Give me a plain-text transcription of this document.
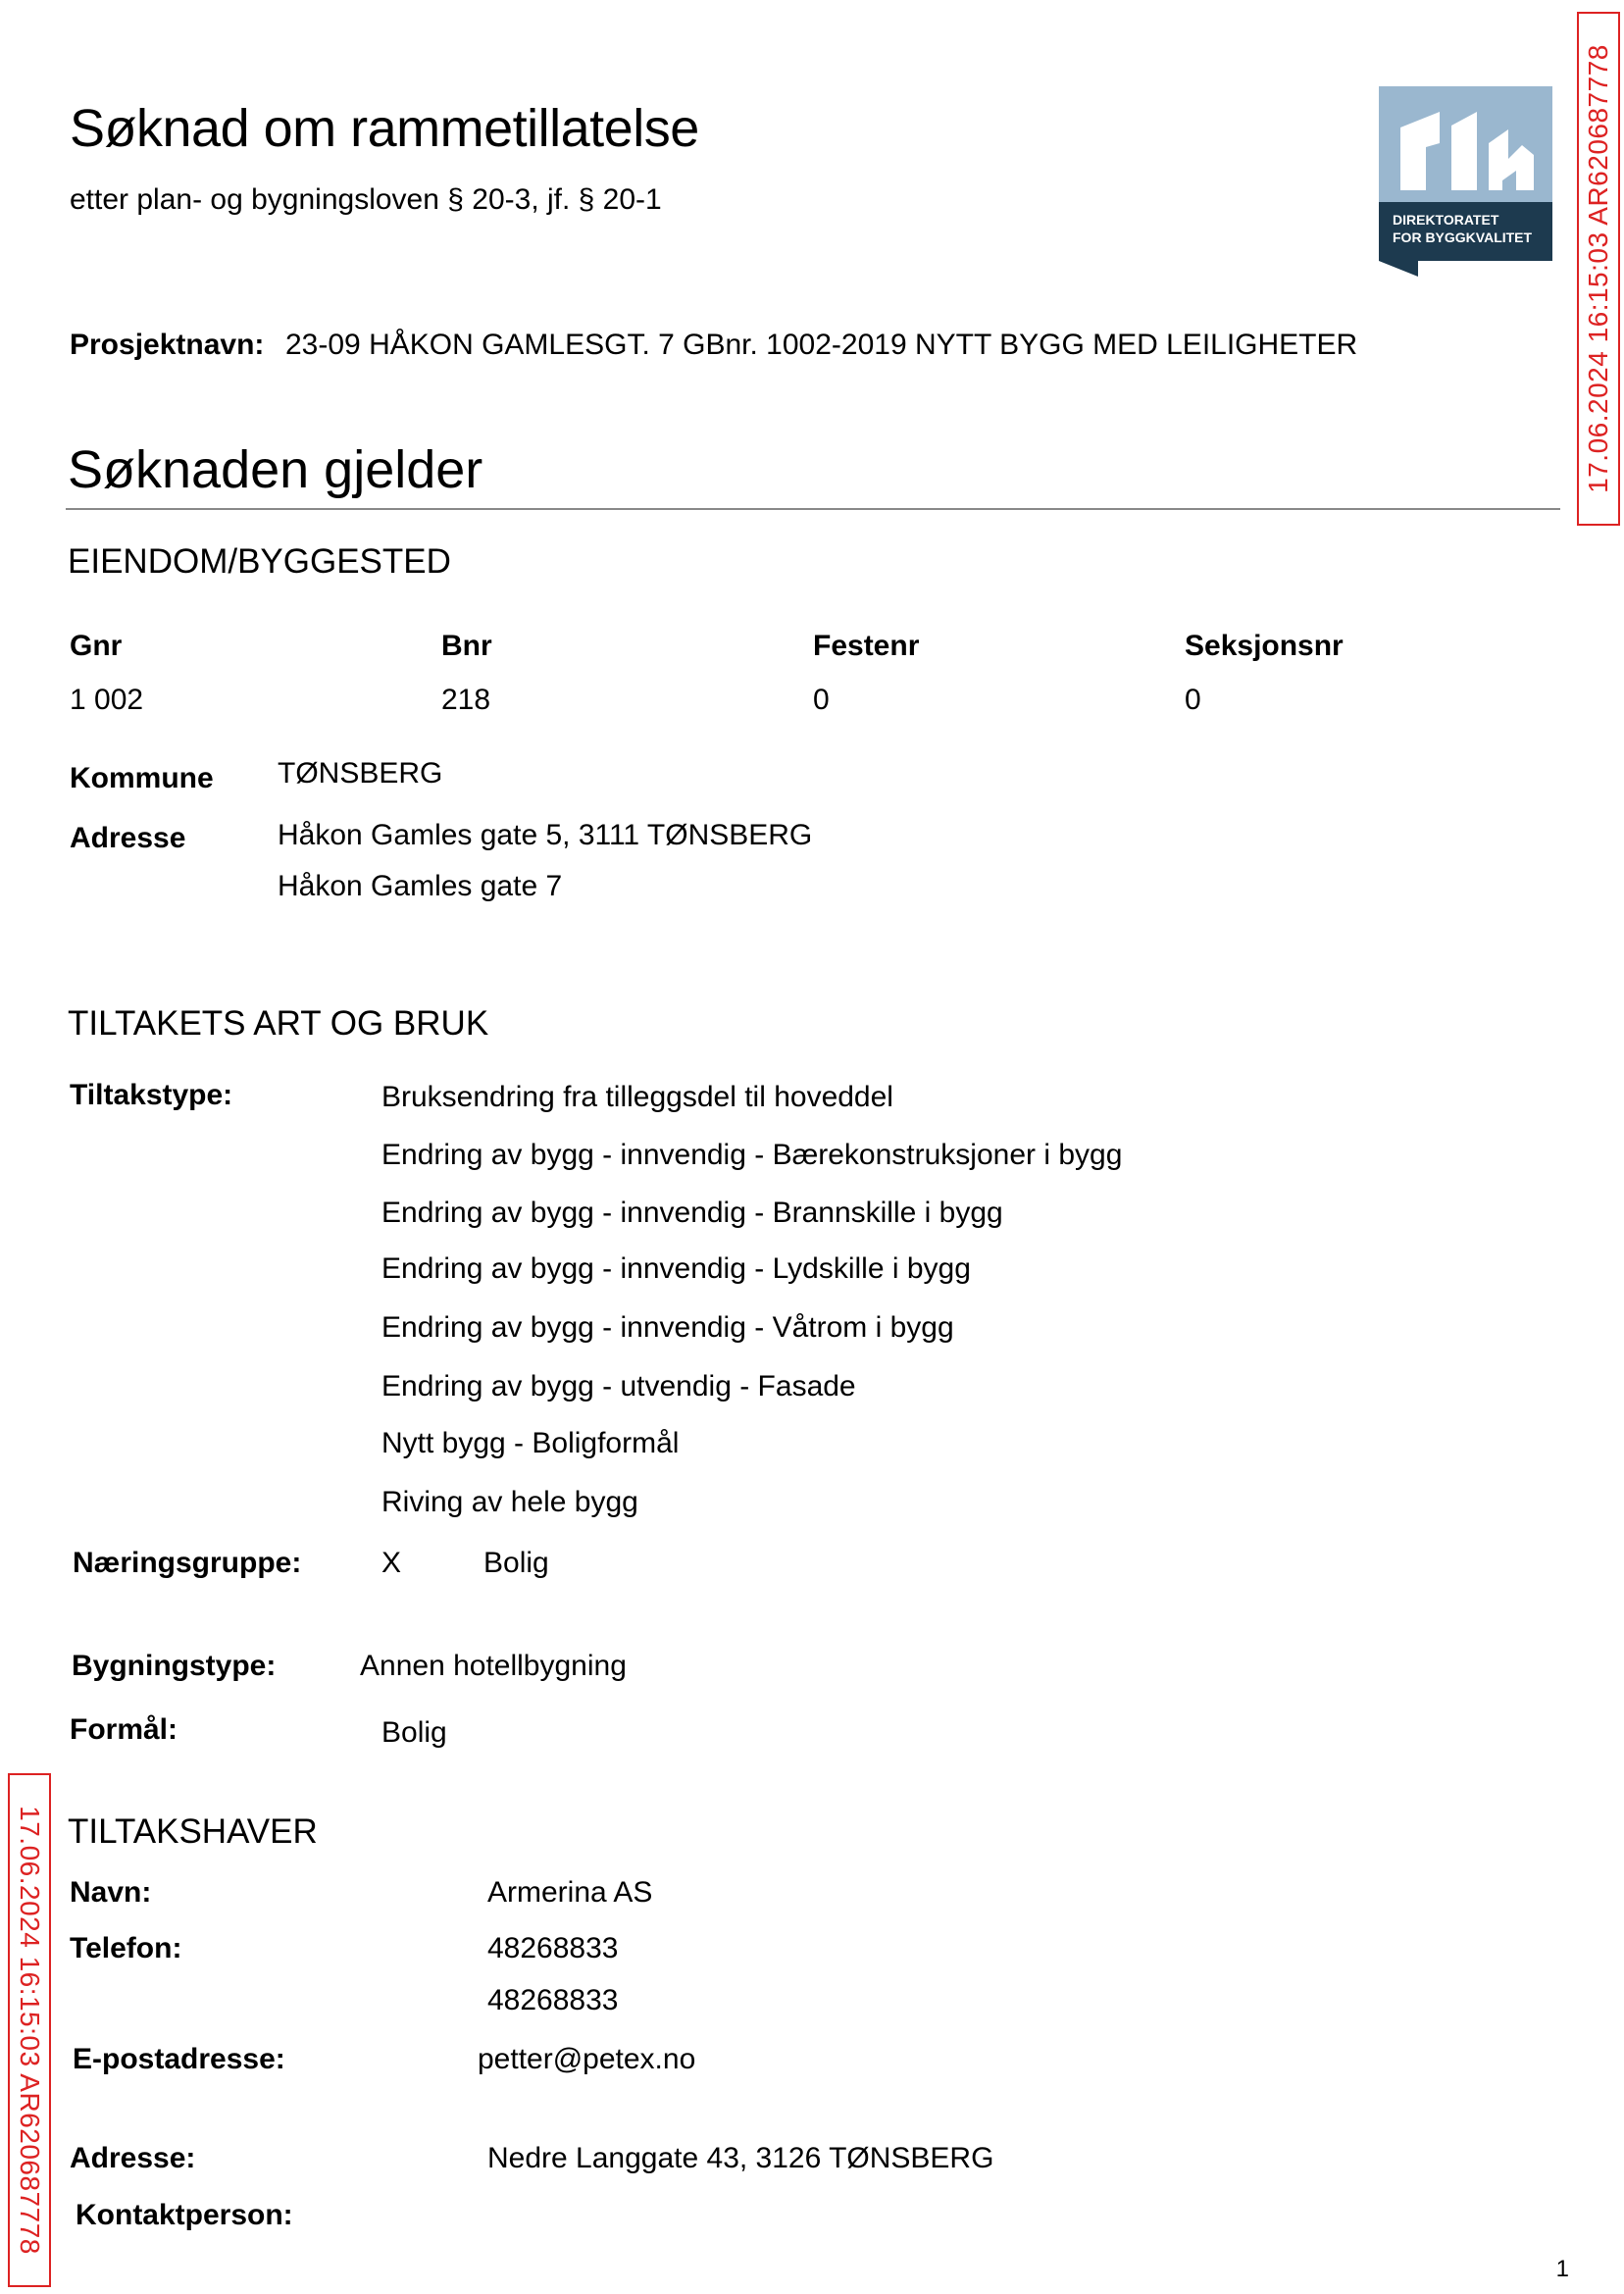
Søknad om rammetillatelse
etter plan- og bygningsloven § 20-3, jf. § 20-1
DIREKTORATET
FOR BYGGKVALITET 17.06.2024 16:15:03 AR620687778
17.06.2024 16:15:03 AR620687778
Prosjektnavn: 23-09 HÅKON GAMLESGT. 7 GBnr. 1002-2019 NYTT BYGG MED LEILIGHETER
Søknaden gjelder
EIENDOM/BYGGESTED
Gnr	Bnr	Festenr	Seksjonsnr
1 002	218	0	0
Kommune TØNSBERG
Adresse	Håkon Gamles gate 5, 3111 TØNSBERG
Håkon Gamles gate 7
TILTAKETS ART OG BRUK
Tiltakstype:	Bruksendring fra tilleggsdel til hoveddel
Endring av bygg - innvendig - Bærekonstruksjoner i bygg
Endring av bygg - innvendig - Brannskille i bygg
Endring av bygg - innvendig - Lydskille i bygg
Endring av bygg - innvendig - Våtrom i bygg
Endring av bygg - utvendig - Fasade
Nytt bygg - Boligformål
Riving av hele bygg
Næringsgruppe:	X	Bolig
Bygningstype:	Annen hotellbygning
Formål:	Bolig
TILTAKSHAVER
Navn:	Armerina AS
Telefon:	48268833
48268833
E-postadresse:	petter@petex.no
Adresse:	Nedre Langgate 43, 3126 TØNSBERG
Kontaktperson:
1
